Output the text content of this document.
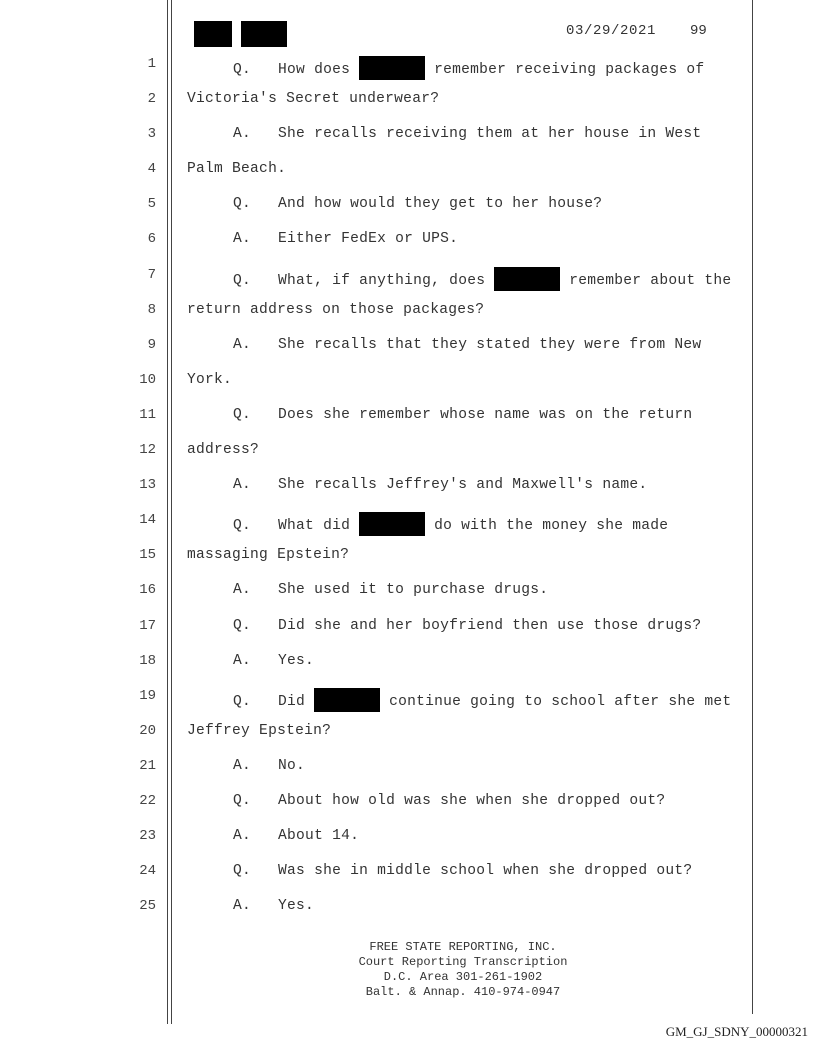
03/29/2021 99
1	Q.   How does	remember receiving packages of
2 Victoria's Secret underwear?
3	A.   She recalls receiving them at her house in West
4 Palm Beach.
5	Q.   And how would they get to her house?
6	A.   Either FedEx or UPS.
7	Q.   What, if anything, does	remember about the
8 return address on those packages?
9	A.   She recalls that they stated they were from New
10 York.
11	Q.   Does she remember whose name was on the return
12 address?
13	A.   She recalls Jeffrey's and Maxwell's name.
14	Q.   What did	do with the money she made
15 massaging Epstein?
16	A.   She used it to purchase drugs.
17	Q.   Did she and her boyfriend then use those drugs?
18	A.   Yes.
19	Q.   Did	continue going to school after she met
20 Jeffrey Epstein?
21	A.   No.
22	Q.   About how old was she when she dropped out?
23	A.   About 14.
24	Q.   Was she in middle school when she dropped out?
25	A.   Yes.
FREE STATE REPORTING, INC.
Court Reporting Transcription
D.C. Area 301-261-1902
Balt. & Annap. 410-974-0947
GM_GJ_SDNY_00000321
